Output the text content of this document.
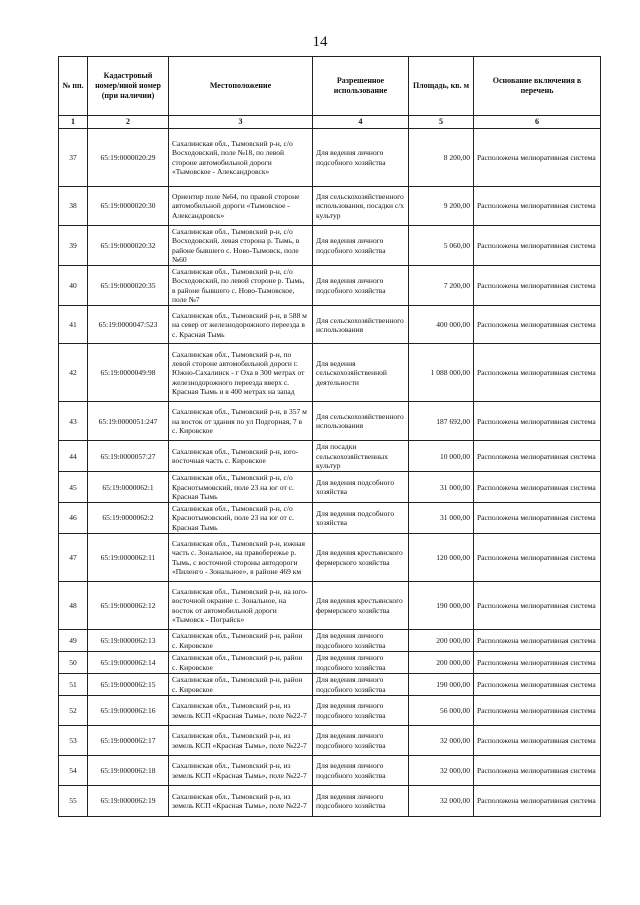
14
№ пп.	Кадастровый номер/иной номер (при наличии)	Местоположение	Разрешенное использование	Площадь, кв. м	Основание включения в перечень
1	2	3	4	5	6
37	65:19:0000020:29	Сахалинская обл., Тымовский р-н, с/о Восходовский, поле №18, по левой стороне автомобильной дороги «Тымовское - Александровск»	Для ведения личного подсобного хозяйства	8 200,00	Расположена мелиоративная система
38	65:19:0000020:30	Ориентир поле №64, по правой стороне автомобильной дороги «Тымовское - Александровск»	Для сельскохозяйственного использования, посадки с/х культур	9 200,00	Расположена мелиоративная система
39	65:19:0000020:32	Сахалинская обл., Тымовский р-н, с/о Восходовский, левая сторона р. Тымь, в районе бывшего с. Ново-Тымовск, поле №60	Для ведения личного подсобного хозяйства	5 060,00	Расположена мелиоративная система
40	65:19:0000020:35	Сахалинская обл., Тымовский р-н, с/о Восходовский, по левой стороне р. Тымь, в районе бывшего с. Ново-Тымовское, поле №7	Для ведения личного подсобного хозяйства	7 200,00	Расположена мелиоративная система
41	65:19:0000047:523	Сахалинская обл., Тымовский р-н, в 588 м на север от железнодорожного переезда в с. Красная Тымь	Для сельскохозяйственного использования	400 000,00	Расположена мелиоративная система
42	65:19:0000049:98	Сахалинская обл., Тымовский р-н, по левой стороне автомобильной дороги г. Южно-Сахалинск - г Оха в 300 метрах от железнодорожного переезда вверх с. Красная Тымь и в 400 метрах на запад	Для ведения сельскохозяйственной деятельности	1 088 000,00	Расположена мелиоративная система
43	65:19:0000051:247	Сахалинская обл., Тымовский р-н, в 357 м на восток от здания по ул Подгорная, 7 в с. Кировское	Для сельскохозяйственного использования	187 692,00	Расположена мелиоративная система
44	65:19:0000057:27	Сахалинская обл., Тымовский р-н, юго-восточная часть с. Кировское	Для посадки сельскохозяйственных культур	10 000,00	Расположена мелиоративная система
45	65:19:0000062:1	Сахалинская обл., Тымовский р-н, с/о Краснотымовский, поле 23 на юг от с. Красная Тымь	Для ведения подсобного хозяйства	31 000,00	Расположена мелиоративная система
46	65:19:0000062:2	Сахалинская обл., Тымовский р-н, с/о Краснотымовский, поле 23 на юг от с. Красная Тымь	Для ведения подсобного хозяйства	31 000,00	Расположена мелиоративная система
47	65:19:0000062:11	Сахалинская обл., Тымовский р-н, южная часть с. Зональное, на правобережье р. Тымь, с восточной стороны автодороги «Пиленгo - Зональное», в районе 469 км	Для ведения крестьянского фермерского хозяйства	120 000,00	Расположена мелиоративная система
48	65:19:0000062:12	Сахалинская обл., Тымовский р-н, на юго-восточной окраине с. Зональное, на восток от автомобильной дороги «Тымовск - Пограйск»	Для ведения крестьянского фермерского хозяйства	190 000,00	Расположена мелиоративная система
49	65:19:0000062:13	Сахалинская обл., Тымовский р-н, район с. Кировское	Для ведения личного подсобного хозяйства	200 000,00	Расположена мелиоративная система
50	65:19:0000062:14	Сахалинская обл., Тымовский р-н, район с. Кировское	Для ведения личного подсобного хозяйства	200 000,00	Расположена мелиоративная система
51	65:19:0000062:15	Сахалинская обл., Тымовский р-н, район с. Кировское	Для ведения личного подсобного хозяйства	190 000,00	Расположена мелиоративная система
52	65:19:0000062:16	Сахалинская обл., Тымовский р-н, из земель КСП «Красная Тымь», поле №22-7	Для ведения личного подсобного хозяйства	56 000,00	Расположена мелиоративная система
53	65:19:0000062:17	Сахалинская обл., Тымовский р-н, из земель КСП «Красная Тымь», поле №22-7	Для ведения личного подсобного хозяйства	32 000,00	Расположена мелиоративная система
54	65:19:0000062:18	Сахалинская обл., Тымовский р-н, из земель КСП «Красная Тымь», поле №22-7	Для ведения личного подсобного хозяйства	32 000,00	Расположена мелиоративная система
55	65:19:0000062:19	Сахалинская обл., Тымовский р-н, из земель КСП «Красная Тымь», поле №22-7	Для ведения личного подсобного хозяйства	32 000,00	Расположена мелиоративная система
